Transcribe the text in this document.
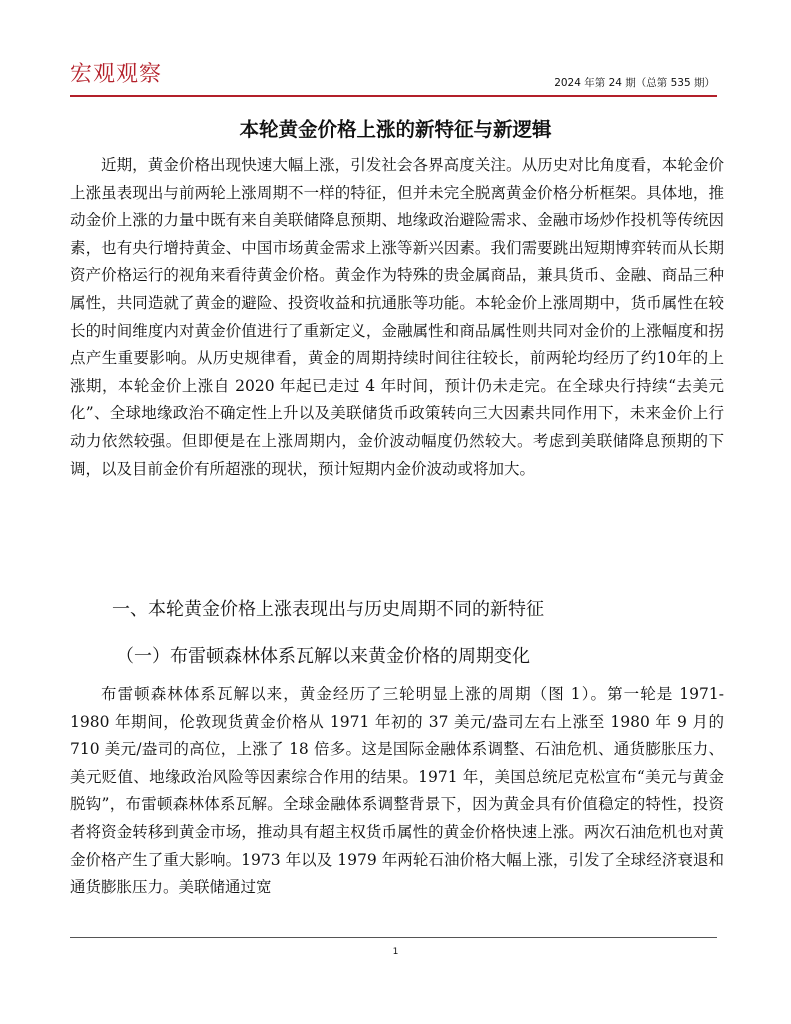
宏观观察	2024 年第 24 期（总第 535 期）
本轮黄金价格上涨的新特征与新逻辑

近期，黄金价格出现快速大幅上涨，引发社会各界高度关注。从历史对比角度看，本轮金价上涨虽表现出与前两轮上涨周期不一样的特征，但并未完全脱离黄金价格分析框架。具体地，推动金价上涨的力量中既有来自美联储降息预期、地缘政治避险需求、金融市场炒作投机等传统因素，也有央行增持黄金、中国市场黄金需求上涨等新兴因素。我们需要跳出短期博弈转而从长期资产价格运行的视角来看待黄金价格。黄金作为特殊的贵金属商品，兼具货币、金融、商品三种属性，共同造就了黄金的避险、投资收益和抗通胀等功能。本轮金价上涨周期中，货币属性在较长的时间维度内对黄金价值进行了重新定义，金融属性和商品属性则共同对金价的上涨幅度和拐点产生重要影响。从历史规律看，黄金的周期持续时间往往较长，前两轮均经历了约10年的上涨期，本轮金价上涨自 2020 年起已走过 4 年时间，预计仍未走完。在全球央行持续“去美元化”、全球地缘政治不确定性上升以及美联储货币政策转向三大因素共同作用下，未来金价上行动力依然较强。但即便是在上涨周期内，金价波动幅度仍然较大。考虑到美联储降息预期的下调，以及目前金价有所超涨的现状，预计短期内金价波动或将加大。

一、本轮黄金价格上涨表现出与历史周期不同的新特征
（一）布雷顿森林体系瓦解以来黄金价格的周期变化

布雷顿森林体系瓦解以来，黄金经历了三轮明显上涨的周期（图 1）。第一轮是 1971-1980 年期间，伦敦现货黄金价格从 1971 年初的 37 美元/盎司左右上涨至 1980 年 9 月的 710 美元/盎司的高位，上涨了 18 倍多。这是国际金融体系调整、石油危机、通货膨胀压力、美元贬值、地缘政治风险等因素综合作用的结果。1971 年，美国总统尼克松宣布“美元与黄金脱钩”，布雷顿森林体系瓦解。全球金融体系调整背景下，因为黄金具有价值稳定的特性，投资者将资金转移到黄金市场，推动具有超主权货币属性的黄金价格快速上涨。两次石油危机也对黄金价格产生了重大影响。1973 年以及 1979 年两轮石油价格大幅上涨，引发了全球经济衰退和通货膨胀压力。美联储通过宽

1
